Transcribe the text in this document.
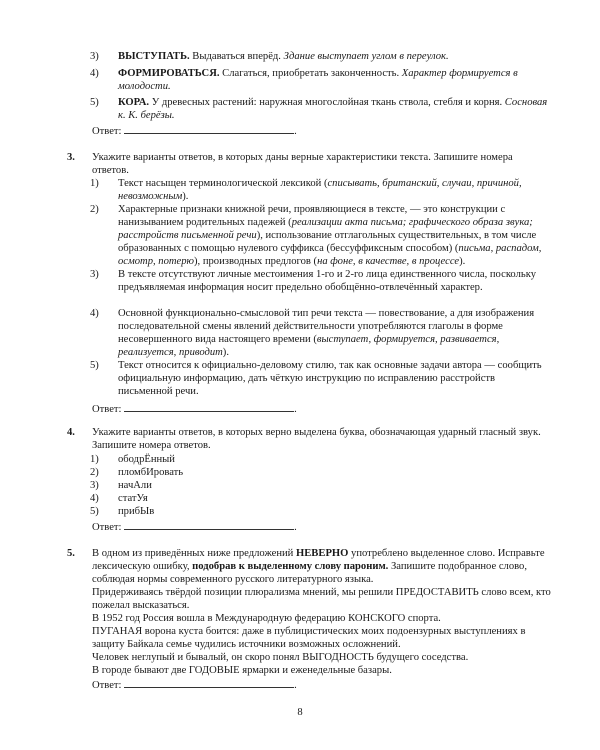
3)	ВЫСТУПАТЬ. Выдаваться вперёд. Здание выступает углом в переулок.
4)	ФОРМИРОВАТЬСЯ. Слагаться, приобретать законченность. Характер формируется в молодости.
5)	КОРА. У древесных растений: наружная многослойная ткань ствола, стебля и корня. Сосновая к. К. берёзы.
Ответ:	.
3. Укажите варианты ответов, в которых даны верные характеристики текста. Запишите номера ответов.
1)	Текст насыщен терминологической лексикой (списывать, британский, случаи, причиной, невозможным).
2)	Характерные признаки книжной речи, проявляющиеся в тексте, — это конструкции с нанизыванием родительных падежей (реализации акта письма; графического образа звука; расстройств письменной речи), использование отглагольных существительных, в том числе образованных с помощью нулевого суффикса (бессуффиксным способом) (письма, распадом, осмотр, потерю), производных предлогов (на фоне, в качестве, в процессе).
3)	В тексте отсутствуют личные местоимения 1-го и 2-го лица единственного числа, поскольку предъявляемая информация носит предельно обобщённо-отвлечённый характер.
4)	Основной функционально-смысловой тип речи текста — повествование, а для изображения последовательной смены явлений действительности употребляются глаголы в форме несовершенного вида настоящего времени (выступает, формируется, развивается, реализуется, приводит).
5)	Текст относится к официально-деловому стилю, так как основные задачи автора — сообщить официальную информацию, дать чёткую инструкцию по исправлению расстройств письменной речи.
Ответ:	.
4. Укажите варианты ответов, в которых верно выделена буква, обозначающая ударный гласный звук. Запишите номера ответов.
1)	ободрЁнный
2)	пломбИровать
3)	начАли
4)	статУя
5)	прибЫв
Ответ:	.
5. В одном из приведённых ниже предложений НЕВЕРНО употреблено выделенное слово. Исправьте лексическую ошибку, подобрав к выделенному слову пароним. Запишите подобранное слово, соблюдая нормы современного русского литературного языка.
Придерживаясь твёрдой позиции плюрализма мнений, мы решили ПРЕДОСТАВИТЬ слово всем, кто пожелал высказаться.
В 1952 год Россия вошла в Международную федерацию КОНСКОГО спорта.
ПУГАНАЯ ворона куста боится: даже в публицистических моих подоензурных выступлениях в защиту Байкала семье чудились источники возможных осложнений.
Человек неглупый и бывалый, он скоро понял ВЫГОДНОСТЬ будущего соседства.
В городе бывают две ГОДОВЫЕ ярмарки и еженедельные базары.
Ответ:	.
8
